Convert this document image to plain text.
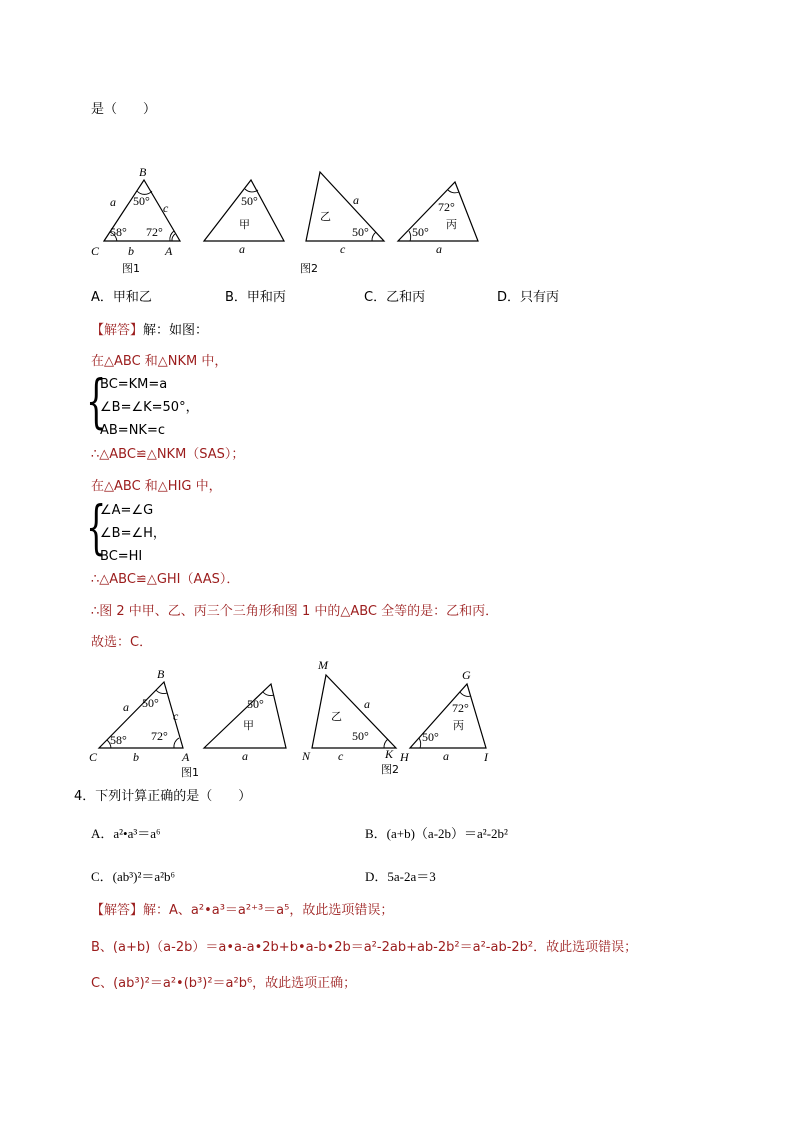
是（　　）
B
a	c
50°
58° 72°
C b	A
图1
50°
甲
a
乙
a
50°
c
图2
72°
丙
50°
a
A．甲和乙	B．甲和丙	C．乙和丙	D．只有丙
【解答】解：如图：
在△ABC 和△NKM 中，
{
BC=KM=a
∠B=∠K=50°，
AB=NK=c
∴△ABC≌△NKM（SAS）；
在△ABC 和△HIG 中，
{
∠A=∠G
∠B=∠H，
BC=HI
∴△ABC≌△GHI（AAS）．
∴图 2 中甲、乙、丙三个三角形和图 1 中的△ABC 全等的是：乙和丙．
故选：C．
B
a 50°
c
58° 72°
C	b	A
图1
50°
甲
a
M
乙
a
50°
N c	K
图2
G
72°
丙
50°
H	a	I
4．下列计算正确的是（　　）
A．a²•a³＝a⁶	B．(a+b)（a-2b）＝a²-2b²
C．(ab³)²＝a²b⁶	D．5a-2a＝3
【解答】解：A、a²•a³＝a²⁺³＝a⁵，故此选项错误；
B、(a+b)（a-2b）＝a•a-a•2b+b•a-b•2b＝a²-2ab+ab-2b²＝a²-ab-2b²．故此选项错误；
C、(ab³)²＝a²•(b³)²＝a²b⁶，故此选项正确；
